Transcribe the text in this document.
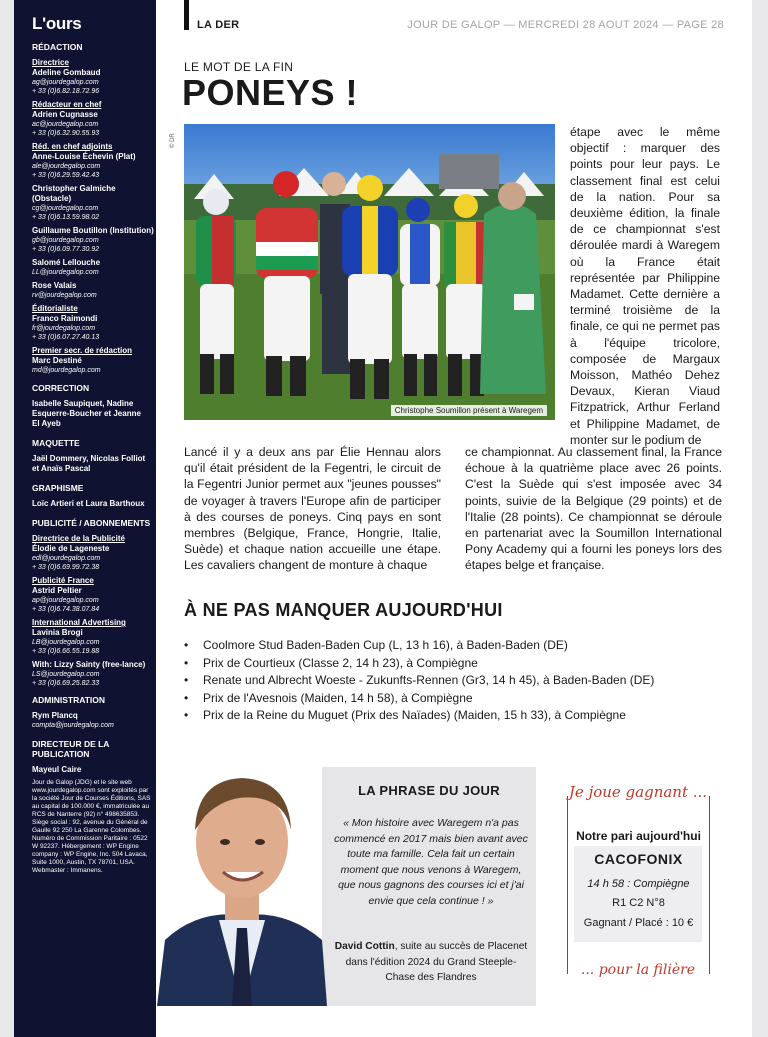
L'ours
RÉDACTION
Directrice
Adeline Gombaud
ag@jourdegalop.com
+ 33 (0)6.82.18.72.96
Rédacteur en chef
Adrien Cugnasse
ac@jourdegalop.com
+ 33 (0)6.32.90.55.93
Réd. en chef adjoints
Anne-Louise Échevin (Plat)
ale@jourdegalop.com
+ 33 (0)6.29.59.42.43
Christopher Galmiche (Obstacle)
cg@jourdegalop.com
+ 33 (0)6.13.59.98.02
Guillaume Boutillon (Institution)
gb@jourdegalop.com
+ 33 (0)6.09.77.30.92
Salomé Lellouche
LL@jourdegalop.com
Rose Valais
rv@jourdegalop.com
Éditorialiste
Franco Raimondi
fr@jourdegalop.com
+ 33 (0)6.07.27.40.13
Premier secr. de rédaction
Marc Destiné
md@jourdegalop.com
CORRECTION
Isabelle Saupiquet, Nadine Esquerre-Boucher et Jeanne El Ayeb
MAQUETTE
Jaël Dommery, Nicolas Folliot et Anaïs Pascal
GRAPHISME
Loïc Artieri et Laura Barthoux
PUBLICITÉ / ABONNEMENTS
Directrice de la Publicité
Élodie de Lageneste
edl@jourdegalop.com
+ 33 (0)6.69.99.72.38
Publicité France
Astrid Peltier
ap@jourdegalop.com
+ 33 (0)6.74.38.07.84
International Advertising
Lavinia Brogi
LB@jourdegalop.com
+ 33 (0)6.66.55.19.88
With: Lizzy Sainty (free-lance)
LS@jourdegalop.com
+ 33 (0)6.69.25.82.33
ADMINISTRATION
Rym Plancq
compta@jourdegalop.com
DIRECTEUR DE LA PUBLICATION
Mayeul Caire
Jour de Galop (JDG) et le site web www.jourdegalop.com sont exploités par la société Jour de Courses Éditions, SAS au capital de 100.000 €, immatriculée au RCS de Nanterre (92) n° 498635853. Siège social : 92, avenue du Général de Gaulle 92 250 La Garenne Colombes. Numéro de Commission Paritaire : 0522 W 92237. Hébergement : WP Engine company : WP Engine, Inc. 504 Lavaca, Suite 1000, Austin, TX 78701, USA. Webmaster : Immanens.
LA DER	JOUR DE GALOP — MERCREDI 28 AOUT 2024 — PAGE 28
LE MOT DE LA FIN
PONEYS !
© DR
Christophe Soumillon présent à Waregem
étape avec le même objectif : marquer des points pour leur pays. Le classement final est celui de la nation. Pour sa deuxième édition, la finale de ce championnat s'est déroulée mardi à Waregem où la France était représentée par Philippine Madamet. Cette dernière a terminé troisième de la finale, ce qui ne permet pas à l'équipe tricolore, composée de Margaux Moisson, Mathéo Dehez Devaux, Kieran Viaud Fitzpatrick, Arthur Ferland et Philippine Madamet, de monter sur le podium de
Lancé il y a deux ans par Élie Hennau alors qu'il était président de la Fegentri, le circuit de la Fegentri Junior permet aux "jeunes pousses" de voyager à travers l'Europe afin de participer à des courses de poneys. Cinq pays en sont membres (Belgique, France, Hongrie, Italie, Suède) et chaque nation accueille une étape. Les cavaliers changent de monture à chaque
ce championnat. Au classement final, la France échoue à la quatrième place avec 26 points. C'est la Suède qui s'est imposée avec 34 points, suivie de la Belgique (29 points) et de l'Italie (28 points). Ce championnat se déroule en partenariat avec la Soumillon International Pony Academy qui a fourni les poneys lors des étapes belge et française.
À NE PAS MANQUER AUJOURD'HUI
• Coolmore Stud Baden-Baden Cup (L, 13 h 16), à Baden-Baden (DE)
• Prix de Courtieux (Classe 2, 14 h 23), à Compiègne
• Renate und Albrecht Woeste - Zukunfts-Rennen (Gr3, 14 h 45), à Baden-Baden (DE)
• Prix de l'Avesnois (Maiden, 14 h 58), à Compiègne
• Prix de la Reine du Muguet (Prix des Naïades) (Maiden, 15 h 33), à Compiègne
LA PHRASE DU JOUR
« Mon histoire avec Waregem n'a pas commencé en 2017 mais bien avant avec toute ma famille. Cela fait un certain moment que nous venons à Waregem, que nous gagnons des courses ici et j'ai envie que cela continue ! »
David Cottin, suite au succès de Placenet dans l'édition 2024 du Grand Steeple-Chase des Flandres
Je joue gagnant ...
Notre pari aujourd'hui
CACOFONIX
14 h 58 : Compiègne
R1 C2 N°8
Gagnant / Placé : 10 €
... pour la filière
